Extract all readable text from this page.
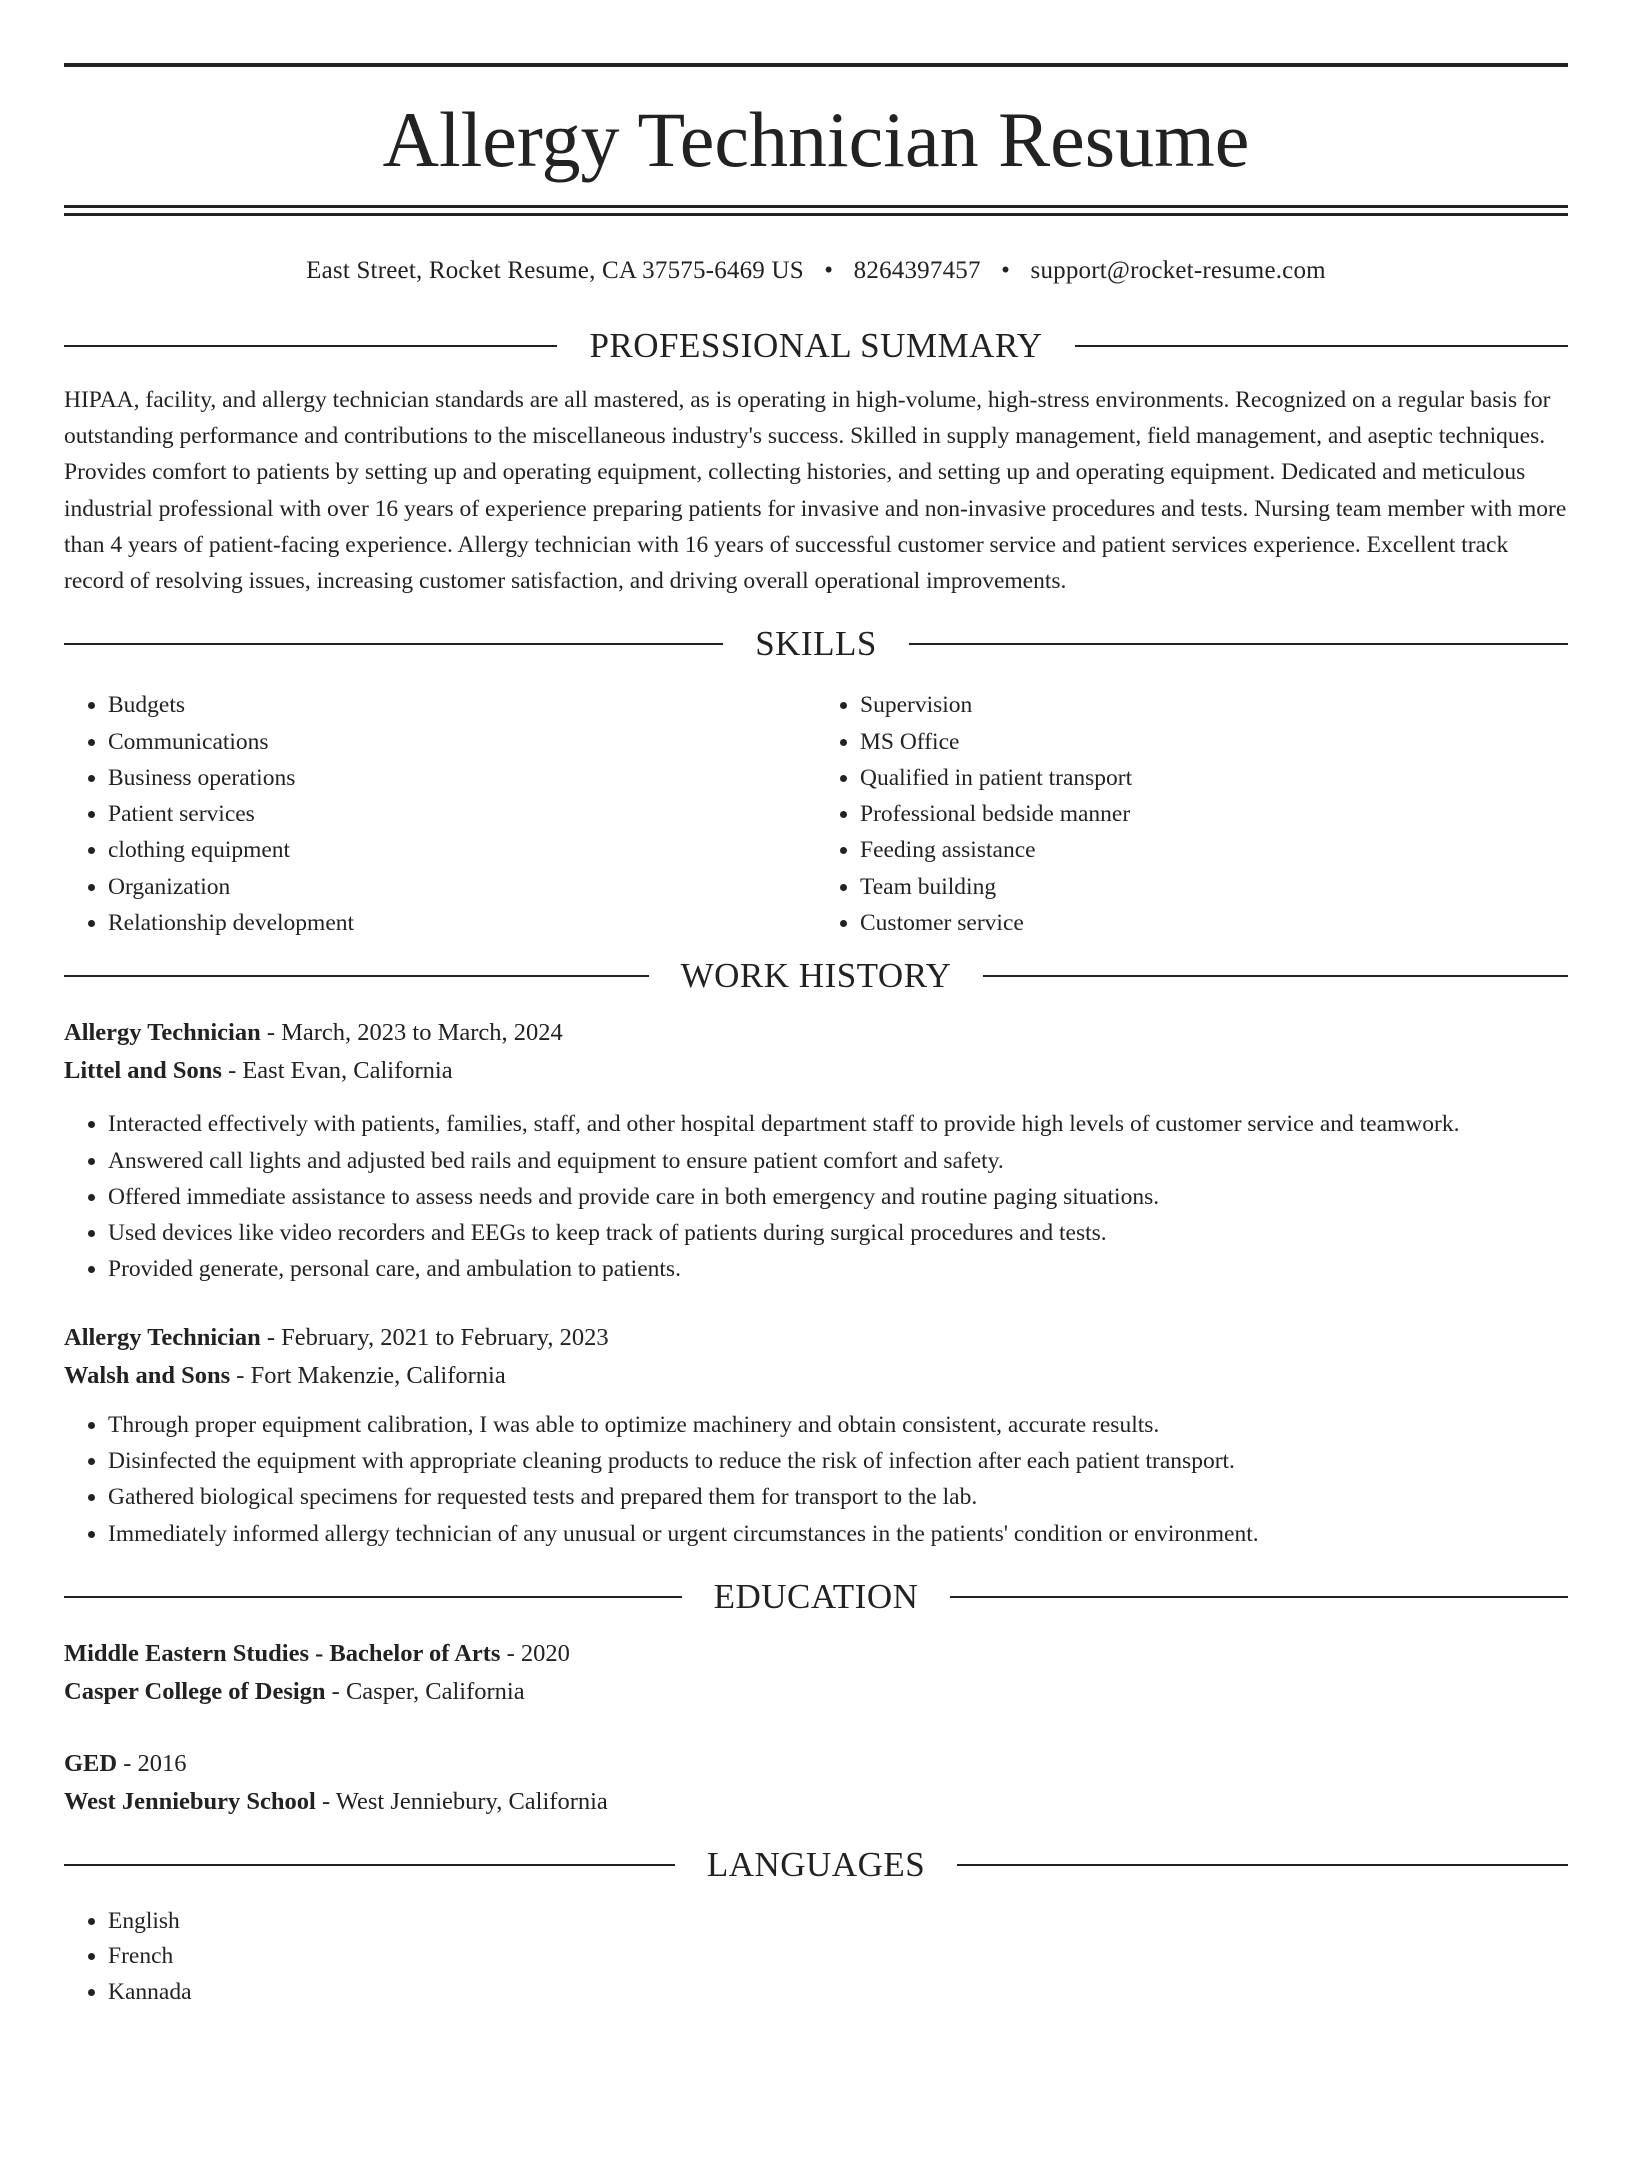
Allergy Technician Resume
East Street, Rocket Resume, CA 37575-6469 US • 8264397457 • support@rocket-resume.com
PROFESSIONAL SUMMARY

HIPAA, facility, and allergy technician standards are all mastered, as is operating in high-volume, high-stress environments. Recognized on a regular basis for outstanding performance and contributions to the miscellaneous industry's success. Skilled in supply management, field management, and aseptic techniques. Provides comfort to patients by setting up and operating equipment, collecting histories, and setting up and operating equipment. Dedicated and meticulous industrial professional with over 16 years of experience preparing patients for invasive and non-invasive procedures and tests. Nursing team member with more than 4 years of patient-facing experience. Allergy technician with 16 years of successful customer service and patient services experience. Excellent track record of resolving issues, increasing customer satisfaction, and driving overall operational improvements.

SKILLS
• Budgets
• Communications
• Business operations
• Patient services
• clothing equipment
• Organization
• Relationship development
• Supervision
• MS Office
• Qualified in patient transport
• Professional bedside manner
• Feeding assistance
• Team building
• Customer service
WORK HISTORY
Allergy Technician - March, 2023 to March, 2024
Littel and Sons - East Evan, California
• Interacted effectively with patients, families, staff, and other hospital department staff to provide high levels of customer service and teamwork.
• Answered call lights and adjusted bed rails and equipment to ensure patient comfort and safety.
• Offered immediate assistance to assess needs and provide care in both emergency and routine paging situations.
• Used devices like video recorders and EEGs to keep track of patients during surgical procedures and tests.
• Provided generate, personal care, and ambulation to patients.
Allergy Technician - February, 2021 to February, 2023
Walsh and Sons - Fort Makenzie, California
• Through proper equipment calibration, I was able to optimize machinery and obtain consistent, accurate results.
• Disinfected the equipment with appropriate cleaning products to reduce the risk of infection after each patient transport.
• Gathered biological specimens for requested tests and prepared them for transport to the lab.
• Immediately informed allergy technician of any unusual or urgent circumstances in the patients' condition or environment.
EDUCATION
Middle Eastern Studies - Bachelor of Arts - 2020
Casper College of Design - Casper, California
GED - 2016
West Jenniebury School - West Jenniebury, California
LANGUAGES
• English
• French
• Kannada
